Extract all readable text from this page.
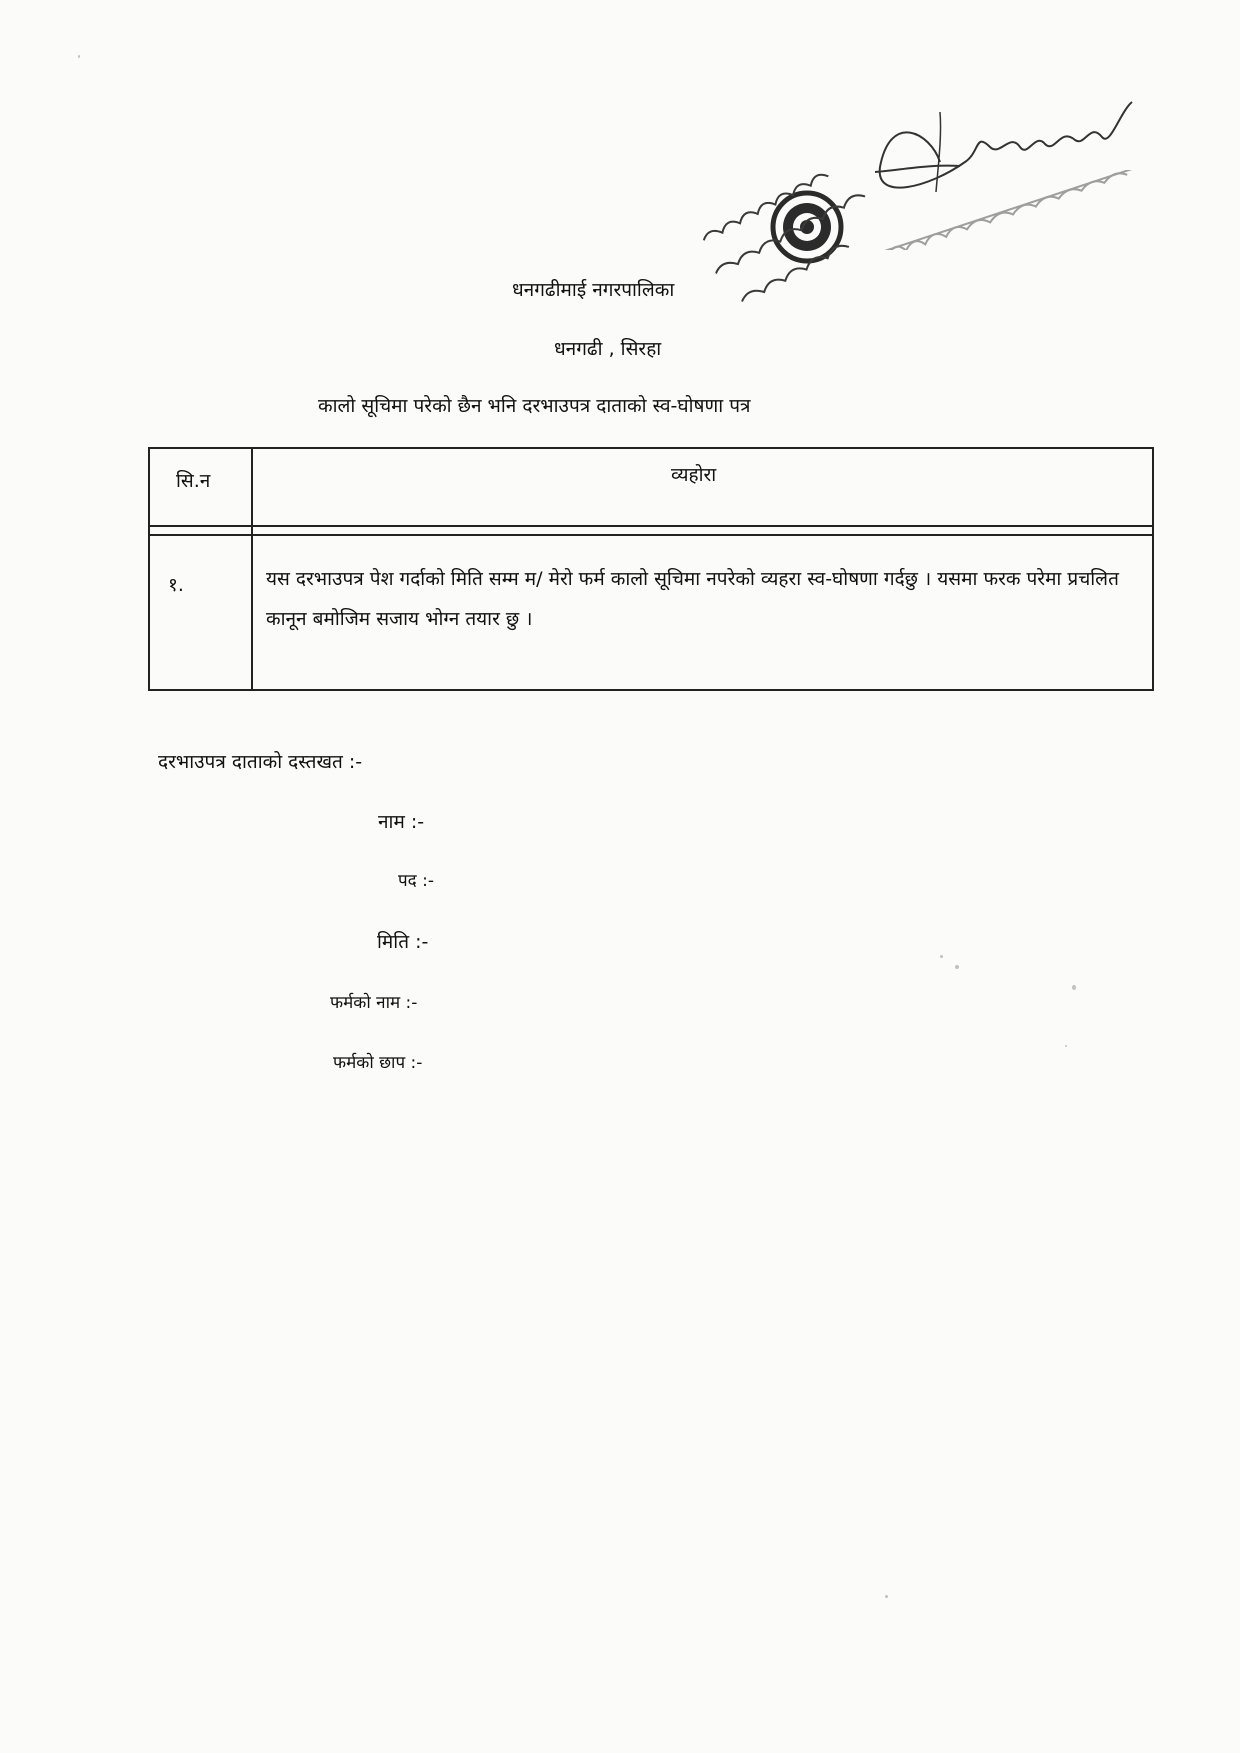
धनगढीमाई नगरपालिका
धनगढी , सिरहा
कालो सूचिमा परेको छैन भनि दरभाउपत्र दाताको स्व-घोषणा पत्र
सि.न	व्यहोरा
१.	यस दरभाउपत्र पेश गर्दाको मिति सम्म म/ मेरो फर्म कालो सूचिमा नपरेको व्यहरा स्व-घोषणा गर्दछु । यसमा फरक परेमा प्रचलित कानून बमोजिम सजाय भोग्न तयार छु ।
दरभाउपत्र दाताको दस्तखत :-
नाम :-
पद :-
मिति :-
फर्मको नाम :-
फर्मको छाप :-
